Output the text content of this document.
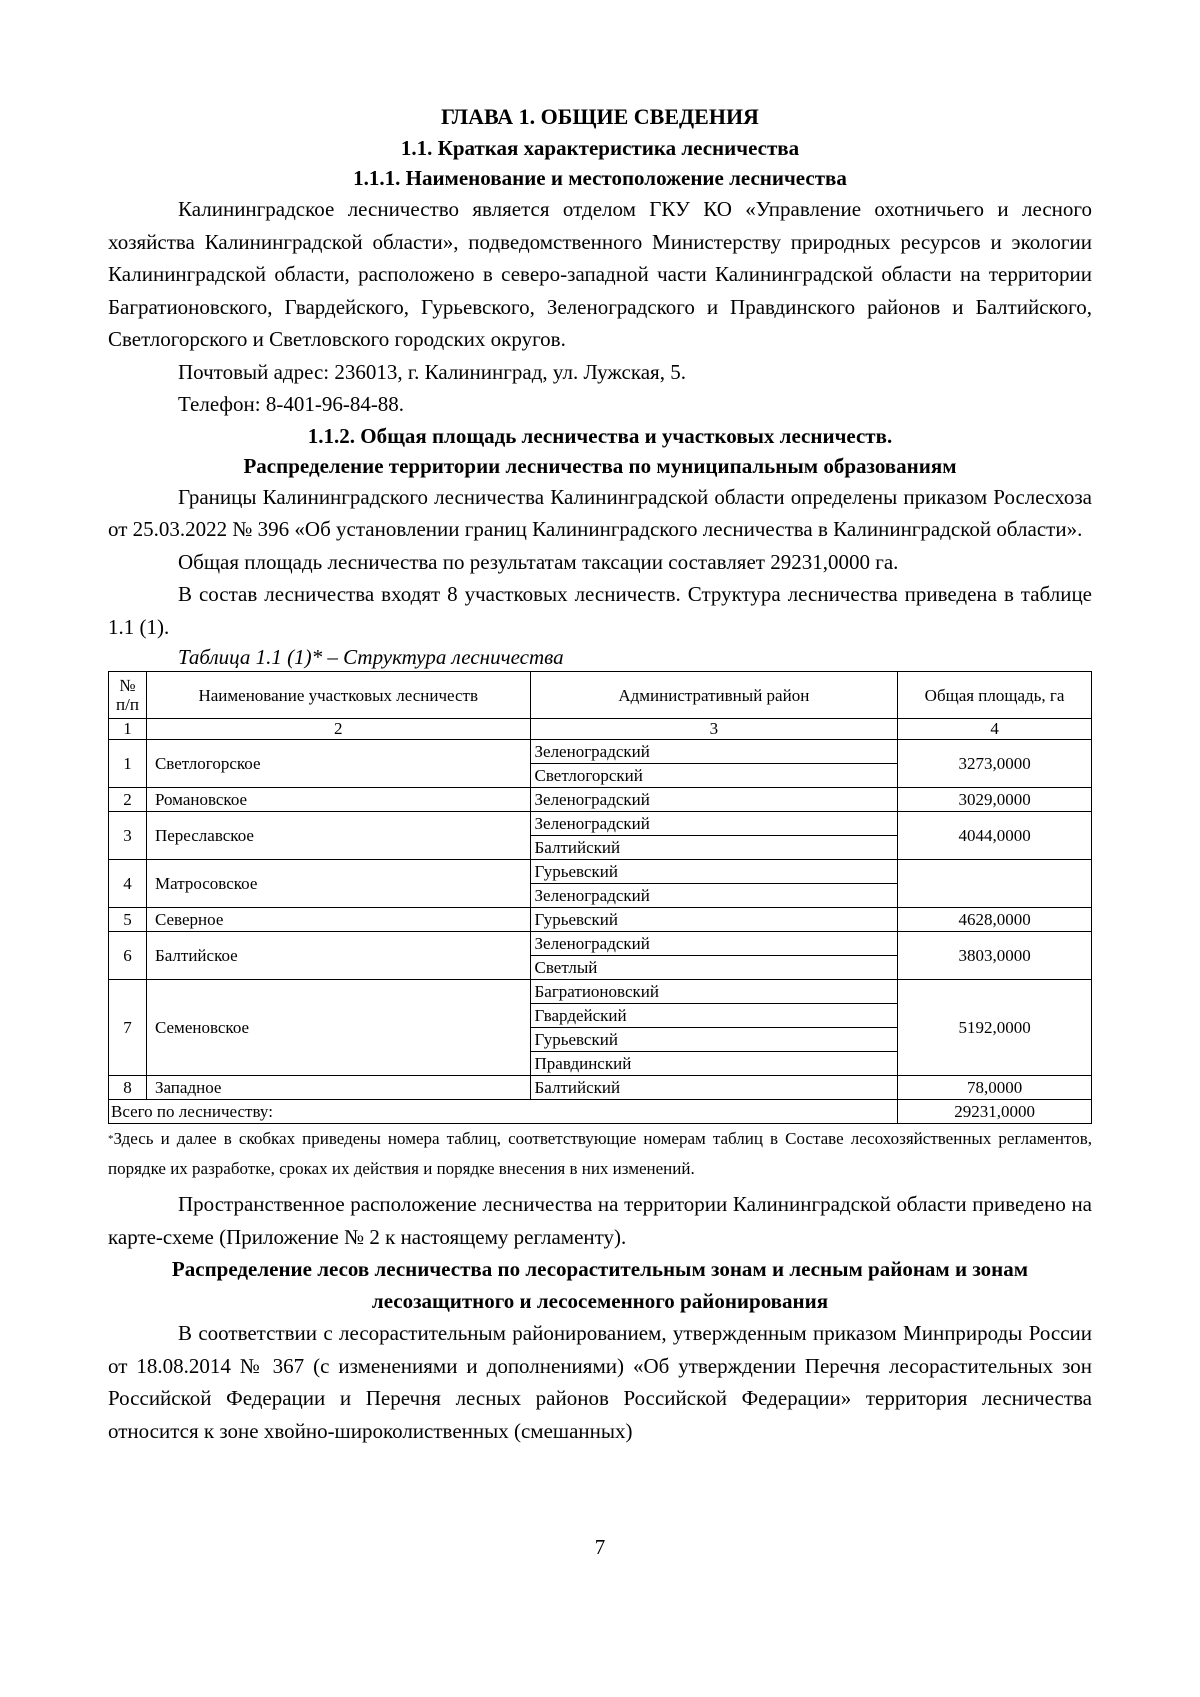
ГЛАВА 1. ОБЩИЕ СВЕДЕНИЯ
1.1. Краткая характеристика лесничества
1.1.1. Наименование и местоположение лесничества

Калининградское лесничество является отделом ГКУ КО «Управление охотничьего и лесного хозяйства Калининградской области», подведомственного Министерству природных ресурсов и экологии Калининградской области, расположено в северо-западной части Калининградской области на территории Багратионовского, Гвардейского, Гурьевского, Зеленоградского и Правдинского районов и Балтийского, Светлогорского и Светловского городских округов.

Почтовый адрес: 236013, г. Калининград, ул. Лужская, 5.

Телефон: 8-401-96-84-88.

1.1.2. Общая площадь лесничества и участковых лесничеств.
Распределение территории лесничества по муниципальным образованиям

Границы Калининградского лесничества Калининградской области определены приказом Рослесхоза от 25.03.2022 № 396 «Об установлении границ Калининградского лесничества в Калининградской области».

Общая площадь лесничества по результатам таксации составляет 29231,0000 га.

В состав лесничества входят 8 участковых лесничеств. Структура лесничества приведена в таблице 1.1 (1).

Таблица 1.1 (1)* – Структура лесничества
№ п/п	Наименование участковых лесничеств	Административный район	Общая площадь, га
1	2	3	4
1	Светлогорское	Зеленоградский	3273,0000
		Светлогорский	
2	Романовское	Зеленоградский	3029,0000
3	Переславское	Зеленоградский	4044,0000
		Балтийский	
4	Матросовское	Гурьевский	
		Зеленоградский	
5	Северное	Гурьевский	4628,0000
6	Балтийское	Зеленоградский	3803,0000
		Светлый	
7	Семеновское	Багратионовский	5192,0000
		Гвардейский	
		Гурьевский	
		Правдинский	
8	Западное	Балтийский	78,0000
Всего по лесничеству:			29231,0000

*Здесь и далее в скобках приведены номера таблиц, соответствующие номерам таблиц в Составе лесохозяйственных регламентов, порядке их разработке, сроках их действия и порядке внесения в них изменений.

Пространственное расположение лесничества на территории Калининградской области приведено на карте-схеме (Приложение № 2 к настоящему регламенту).

Распределение лесов лесничества по лесорастительным зонам и лесным районам и зонам лесозащитного и лесосеменного районирования

В соответствии с лесорастительным районированием, утвержденным приказом Минприроды России от 18.08.2014 № 367 (с изменениями и дополнениями) «Об утверждении Перечня лесорастительных зон Российской Федерации и Перечня лесных районов Российской Федерации» территория лесничества относится к зоне хвойно-широколиственных (смешанных)

7
